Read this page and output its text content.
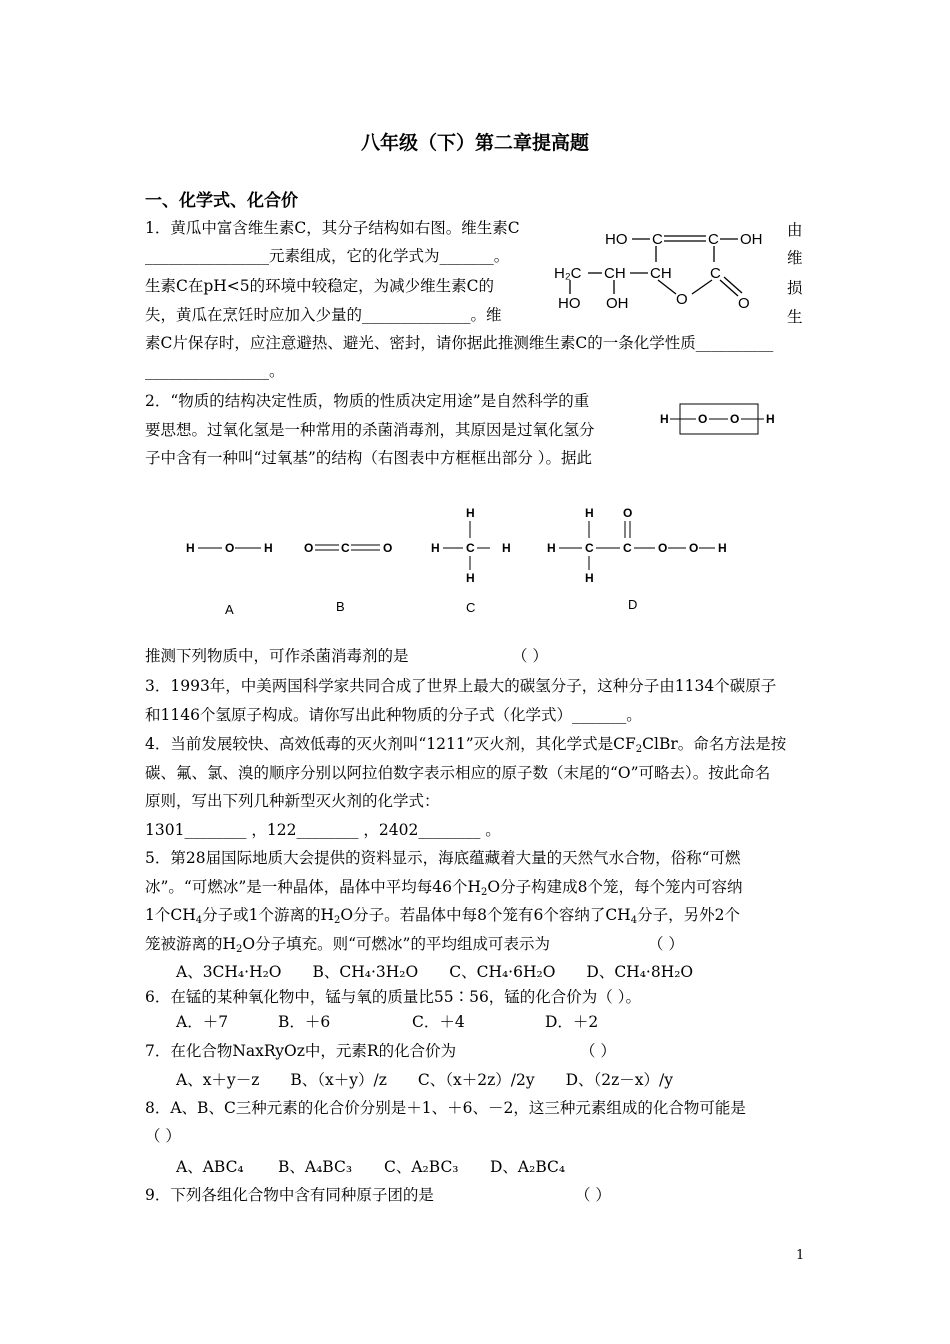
八年级（下）第二章提高题
一、化学式、化合价
1．黄瓜中富含维生素C，其分子结构如右图。维生素C	由
________________元素组成，它的化学式为_______。	维
生素C在pH<5的环境中较稳定，为减少维生素C的	损
失，黄瓜在烹饪时应加入少量的______________。维	生
素C片保存时，应注意避热、避光、密封，请你据此推测维生素C的一条化学性质__________
________________。
HO C	C OH
H₂C CH CH	C
HO OH	O	O
2．“物质的结构决定性质，物质的性质决定用途”是自然科学的重
要思想。过氧化氢是一种常用的杀菌消毒剂，其原因是过氧化氢分
子中含有一种叫“过氧基”的结构（右图表中方框框出部分 ）。据此
H O O H
H	O H	O C	O
H
H C H
H
H O
H C C O O H
H
A	B	C	D
推测下列物质中，可作杀菌消毒剂的是	（ ）
3．1993年，中美两国科学家共同合成了世界上最大的碳氢分子，这种分子由1134个碳原子
和1146个氢原子构成。请你写出此种物质的分子式（化学式）_______。
4．当前发展较快、高效低毒的灭火剂叫“1211”灭火剂，其化学式是$CF_2ClBr$。命名方法是按
碳、氟、氯、溴的顺序分别以阿拉伯数字表示相应的原子数（末尾的“O”可略去）。按此命名
原则，写出下列几种新型灭火剂的化学式：
1301________ ，122________ ，2402________ 。
5．第28届国际地质大会提供的资料显示，海底蕴藏着大量的天然气水合物，俗称“可燃
冰”。“可燃冰”是一种晶体，晶体中平均每46个$H_2O$分子构建成8个笼，每个笼内可容纳
1个$CH_4$分子或1个游离的$H_2O$分子。若晶体中每8个笼有6个容纳了$CH_4$分子，另外2个
笼被游离的$H_2O$分子填充。则“可燃冰”的平均组成可表示为	（ ）
A、3CH₄·H₂O　　B、CH₄·3H₂O　　C、CH₄·6H₂O　　D、CH₄·8H₂O
6．在锰的某种氧化物中，锰与氧的质量比55∶56，锰的化合价为（ ）。
A．＋7	B．＋6	C．＋4	D．＋2
7．在化合物NaxRyOz中，元素R的化合价为	（ ）
A、x＋y－z　　B、（x＋y）/z　　C、（x＋2z）/2y　　D、（2z－x）/y
8．A、B、C三种元素的化合价分别是＋1、＋6、－2，这三种元素组成的化合物可能是
（ ）
A、ABC₄ B、A₄BC₃ C、A₂BC₃ D、A₂BC₄
9．下列各组化合物中含有同种原子团的是	（ ）
1
